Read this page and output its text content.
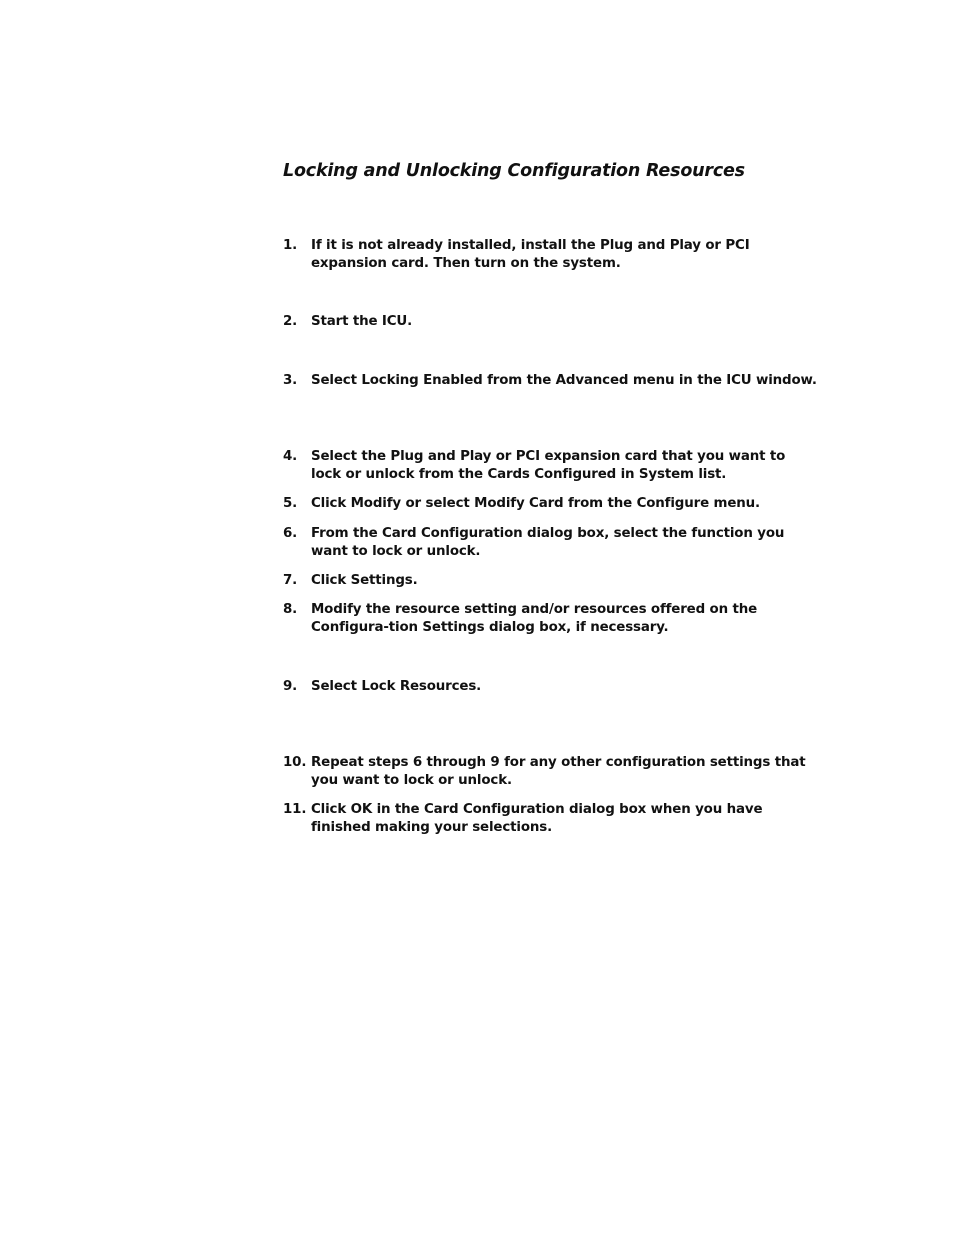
Locking and Unlocking Configuration Resources
1.	If it is not already installed, install the Plug and Play or PCI expansion card. Then turn on the system.
2.	Start the ICU.
3.	Select Locking Enabled from the Advanced menu in the ICU window.
4.	Select the Plug and Play or PCI expansion card that you want to lock or unlock from the Cards Configured in System list.
5.	Click Modify or select Modify Card from the Configure menu.
6.	From the Card Configuration dialog box, select the function you want to lock or unlock.
7.	Click Settings.
8.	Modify the resource setting and/or resources offered on the Configura-tion Settings dialog box, if necessary.
9.	Select Lock Resources.
10. Repeat steps 6 through 9 for any other configuration settings that you want to lock or unlock.
11. Click OK in the Card Configuration dialog box when you have finished making your selections.
